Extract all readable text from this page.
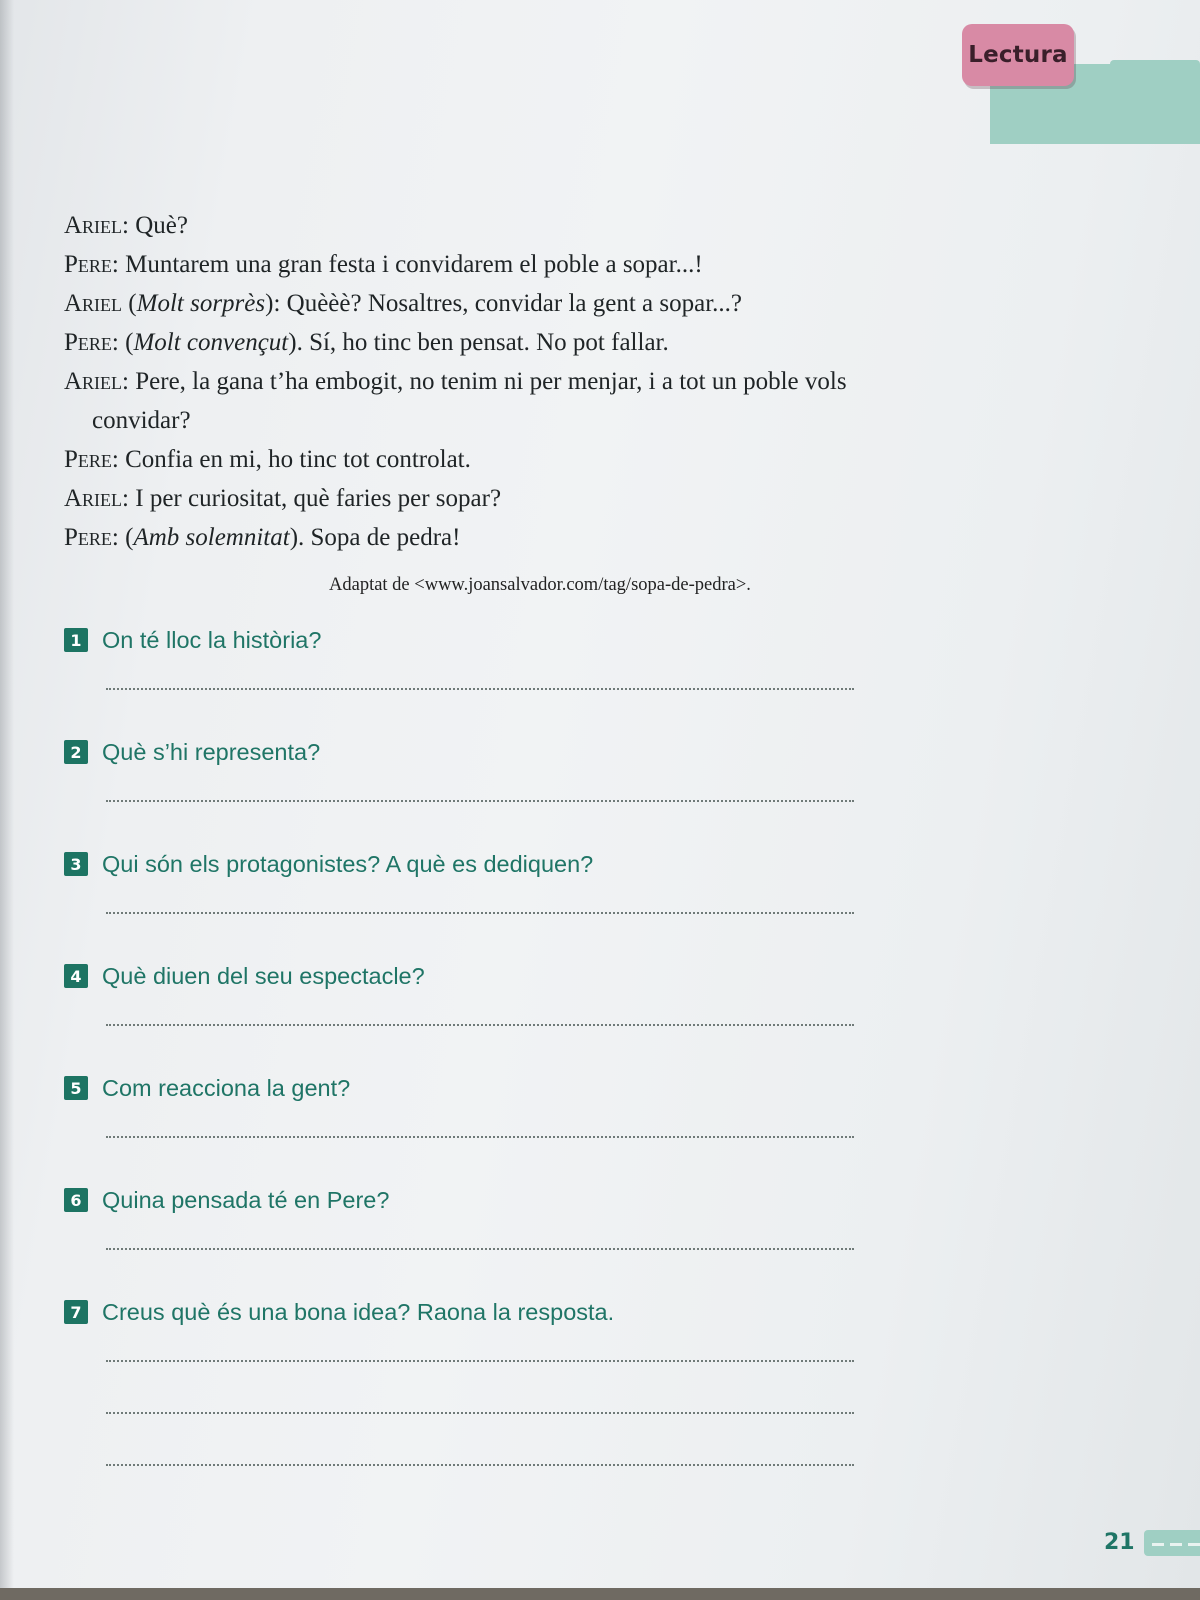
Lectura
Ariel: Què?
Pere: Muntarem una gran festa i convidarem el poble a sopar...!
Ariel (Molt sorprès): Quèèè? Nosaltres, convidar la gent a sopar...?
Pere: (Molt convençut). Sí, ho tinc ben pensat. No pot fallar.
Ariel: Pere, la gana t’ha embogit, no tenim ni per menjar, i a tot un poble vols convidar?
Pere: Confia en mi, ho tinc tot controlat.
Ariel: I per curiositat, què faries per sopar?
Pere: (Amb solemnitat). Sopa de pedra!
Adaptat de <www.joansalvador.com/tag/sopa-de-pedra>.
1 On té lloc la història?
2 Què s’hi representa?
3 Qui són els protagonistes? A què es dediquen?
4 Què diuen del seu espectacle?
5 Com reacciona la gent?
6 Quina pensada té en Pere?
7 Creus què és una bona idea? Raona la resposta.
21
